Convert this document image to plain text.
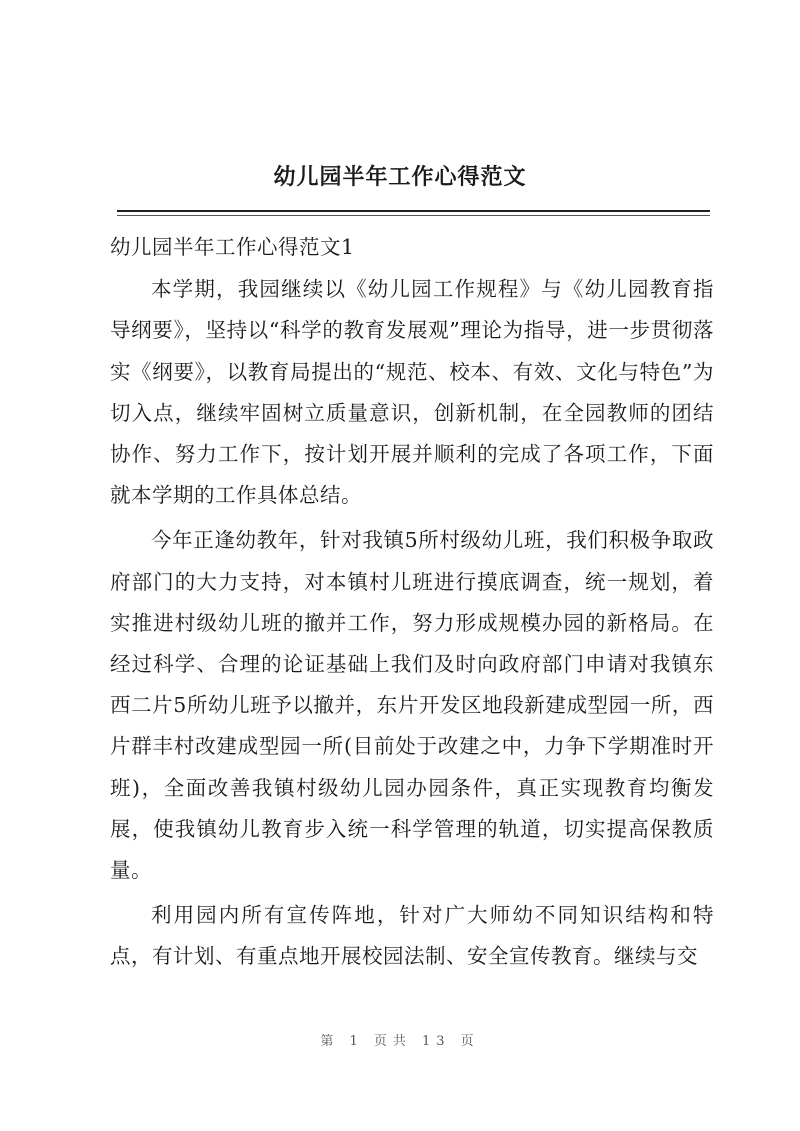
幼儿园半年工作心得范文

幼儿园半年工作心得范文1

本学期，我园继续以《幼儿园工作规程》与《幼儿园教育指导纲要》，坚持以“科学的教育发展观”理论为指导，进一步贯彻落实《纲要》，以教育局提出的“规范、校本、有效、文化与特色”为切入点，继续牢固树立质量意识，创新机制，在全园教师的团结协作、努力工作下，按计划开展并顺利的完成了各项工作，下面就本学期的工作具体总结。

今年正逢幼教年，针对我镇5所村级幼儿班，我们积极争取政府部门的大力支持，对本镇村儿班进行摸底调查，统一规划，着实推进村级幼儿班的撤并工作，努力形成规模办园的新格局。在经过科学、合理的论证基础上我们及时向政府部门申请对我镇东西二片5所幼儿班予以撤并，东片开发区地段新建成型园一所，西片群丰村改建成型园一所(目前处于改建之中，力争下学期准时开班)，全面改善我镇村级幼儿园办园条件，真正实现教育均衡发展，使我镇幼儿教育步入统一科学管理的轨道，切实提高保教质量。

利用园内所有宣传阵地，针对广大师幼不同知识结构和特点，有计划、有重点地开展校园法制、安全宣传教育。继续与交

第 1 页共 13 页
